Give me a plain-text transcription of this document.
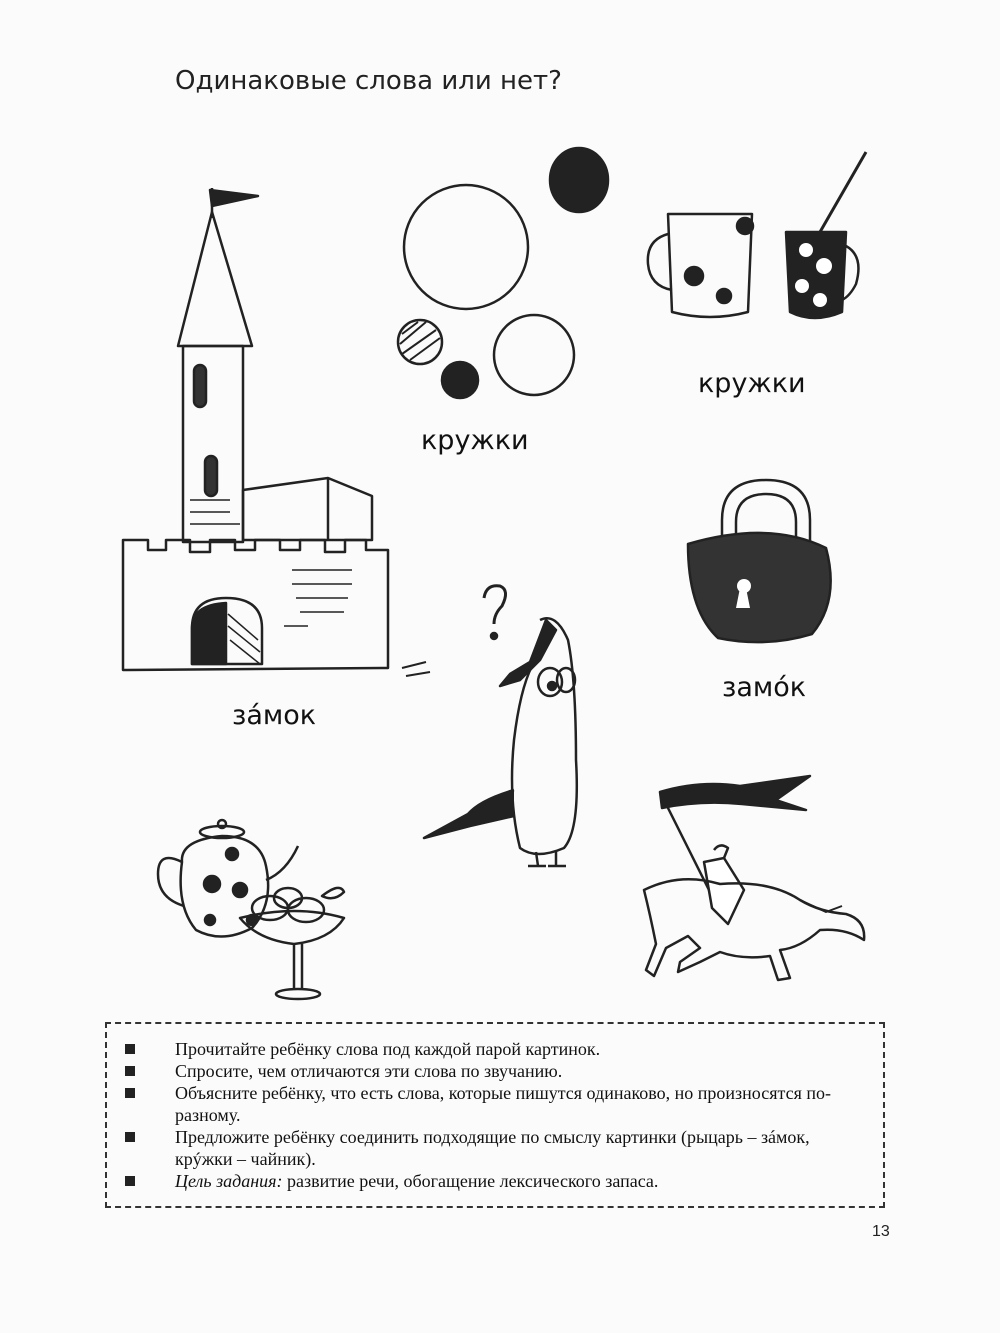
Одинаковые слова или нет?
кружки
кружки
зáмок
замóк
Прочитайте ребёнку слова под каждой парой картинок.
Спросите, чем отличаются эти слова по звучанию.
Объясните ребёнку, что есть слова, которые пишутся одинаково, но произносятся по-разному.
Предложите ребёнку соединить подходящие по смыслу картинки (рыцарь – зáмок, крýжки – чайник).
Цель задания: развитие речи, обогащение лексического запаса.
13
